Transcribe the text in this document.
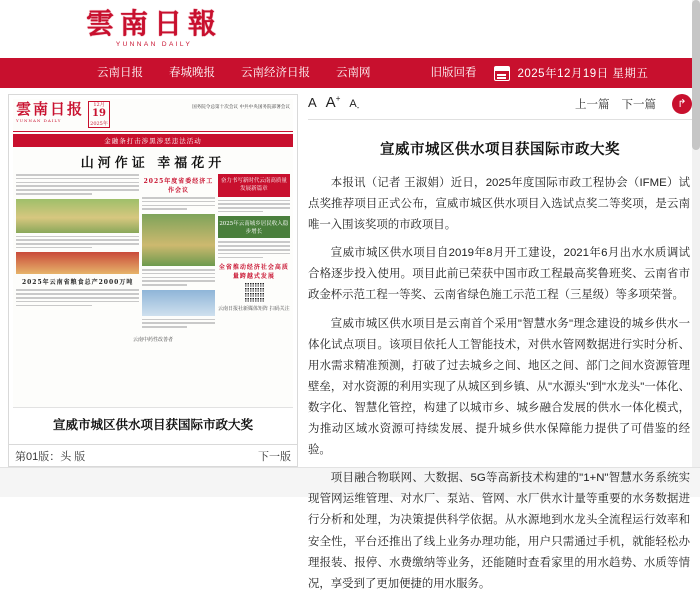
雲南日報
YUNNAN DAILY
云南日报	春城晚报	云南经济日报	云南网	旧版回看	2025年12月19日 星期五
雲南日报
YUNNAN DAILY
12月
19
2025年
国务院令总第十次会议 中共中央国务院部署会议
金融条打击涉黑涉恶违法活动
山河作证 幸福花开
2025年云南省粮食总产2000万吨
2025年度省委经济工作会议
奋力书写新时代云南高质量发展新篇章
2025年云南城乡居民收入稳步增长
全省推动经济社会高质量跨越式发展
云南日报社新媒体矩阵 扫码关注
云南中药性改善者
宣威市城区供水项目获国际市政大奖
第01版：头 版	下一版
A A+ $A_-$	上一篇 下一篇	↱
宣威市城区供水项目获国际市政大奖

本报讯（记者 王淑娟）近日，2025年度国际市政工程协会（IFME）试点奖推荐项目正式公布，宣威市城区供水项目入选试点奖二等奖项，是云南唯一入围该奖项的市政项目。

宣威市城区供水项目自2019年8月开工建设，2021年6月出水水质调试合格逐步投入使用。项目此前已荣获中国市政工程最高奖鲁班奖、云南省市政金杯示范工程一等奖、云南省绿色施工示范工程（三星级）等多项荣誉。

宣威市城区供水项目是云南首个采用"智慧水务"理念建设的城乡供水一体化试点项目。该项目依托人工智能技术，对供水管网数据进行实时分析、用水需求精准预测，打破了过去城乡之间、地区之间、部门之间水资源管理壁垒，对水资源的利用实现了从城区到乡镇、从"水源头"到"水龙头"一体化、数字化、智慧化管控，构建了以城市乡、城乡融合发展的供水一体化模式，为推动区域水资源可持续发展、提升城乡供水保障能力提供了可借鉴的经验。

项目融合物联网、大数据、5G等高新技术构建的"1+N"智慧水务系统实现管网运维管理、对水厂、泵站、管网、水厂供水计量等重要的水务数据进行分析和处理，为决策提供科学依据。从水源地到水龙头全流程运行效率和安全性，平台还推出了线上业务办理功能，用户只需通过手机，就能轻松办理报装、报停、水费缴纳等业务，还能随时查看家里的用水趋势、水质等情况，享受到了更加便捷的用水服务。
